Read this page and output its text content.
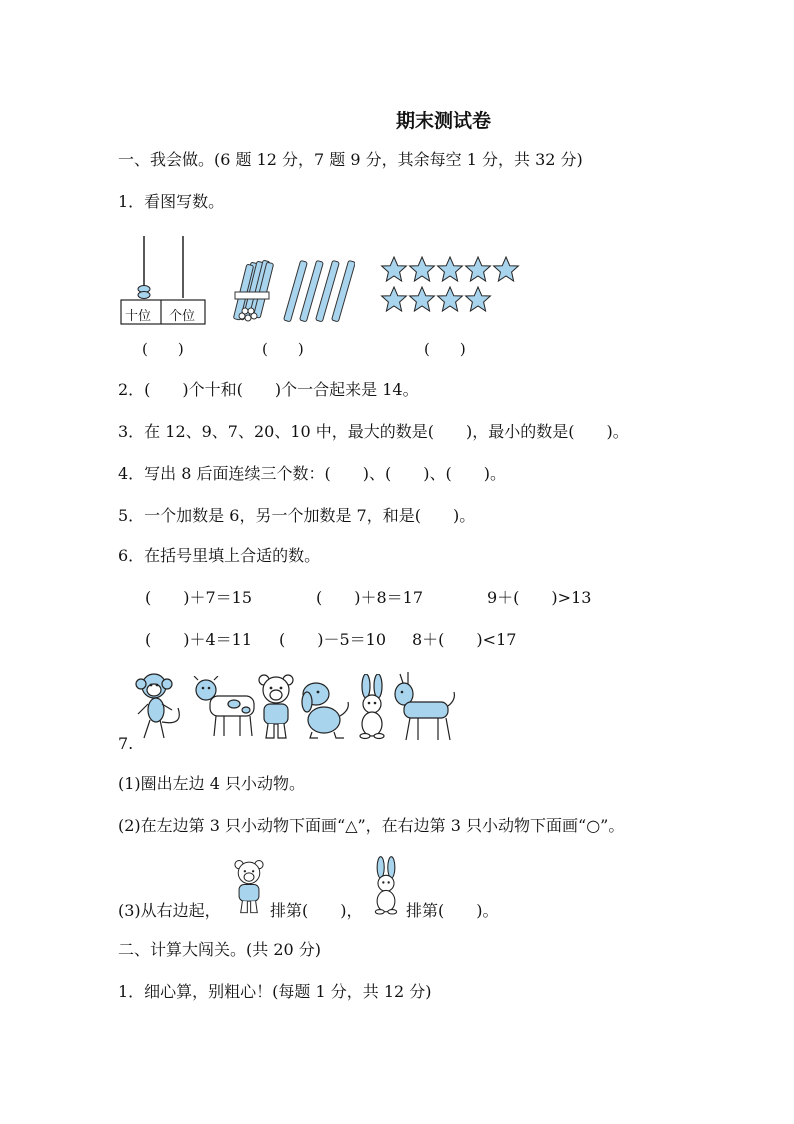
期末测试卷
一、我会做。(6 题 12 分，7 题 9 分，其余每空 1 分，共 32 分)
1．看图写数。
十位 个位
(　　)	(　　)	(　　)
2．(　　)个十和(　　)个一合起来是 14。
3．在 12、9、7、20、10 中，最大的数是(　　)，最小的数是(　　)。
4．写出 8 后面连续三个数：(　　)、(　　)、(　　)。
5．一个加数是 6，另一个加数是 7，和是(　　)。
6．在括号里填上合适的数。
(　　)＋7＝15	(　　)＋8＝17	9＋(　　)>13
(　　)＋4＝11 (　　)－5＝10 8＋(　　)<17
7.
(1)圈出左边 4 只小动物。
(2)在左边第 3 只小动物下面画“△”，在右边第 3 只小动物下面画“○”。
(3)从右边起，	排第(　　)，	排第(　　)。
二、计算大闯关。(共 20 分)
1．细心算，别粗心！(每题 1 分，共 12 分)
